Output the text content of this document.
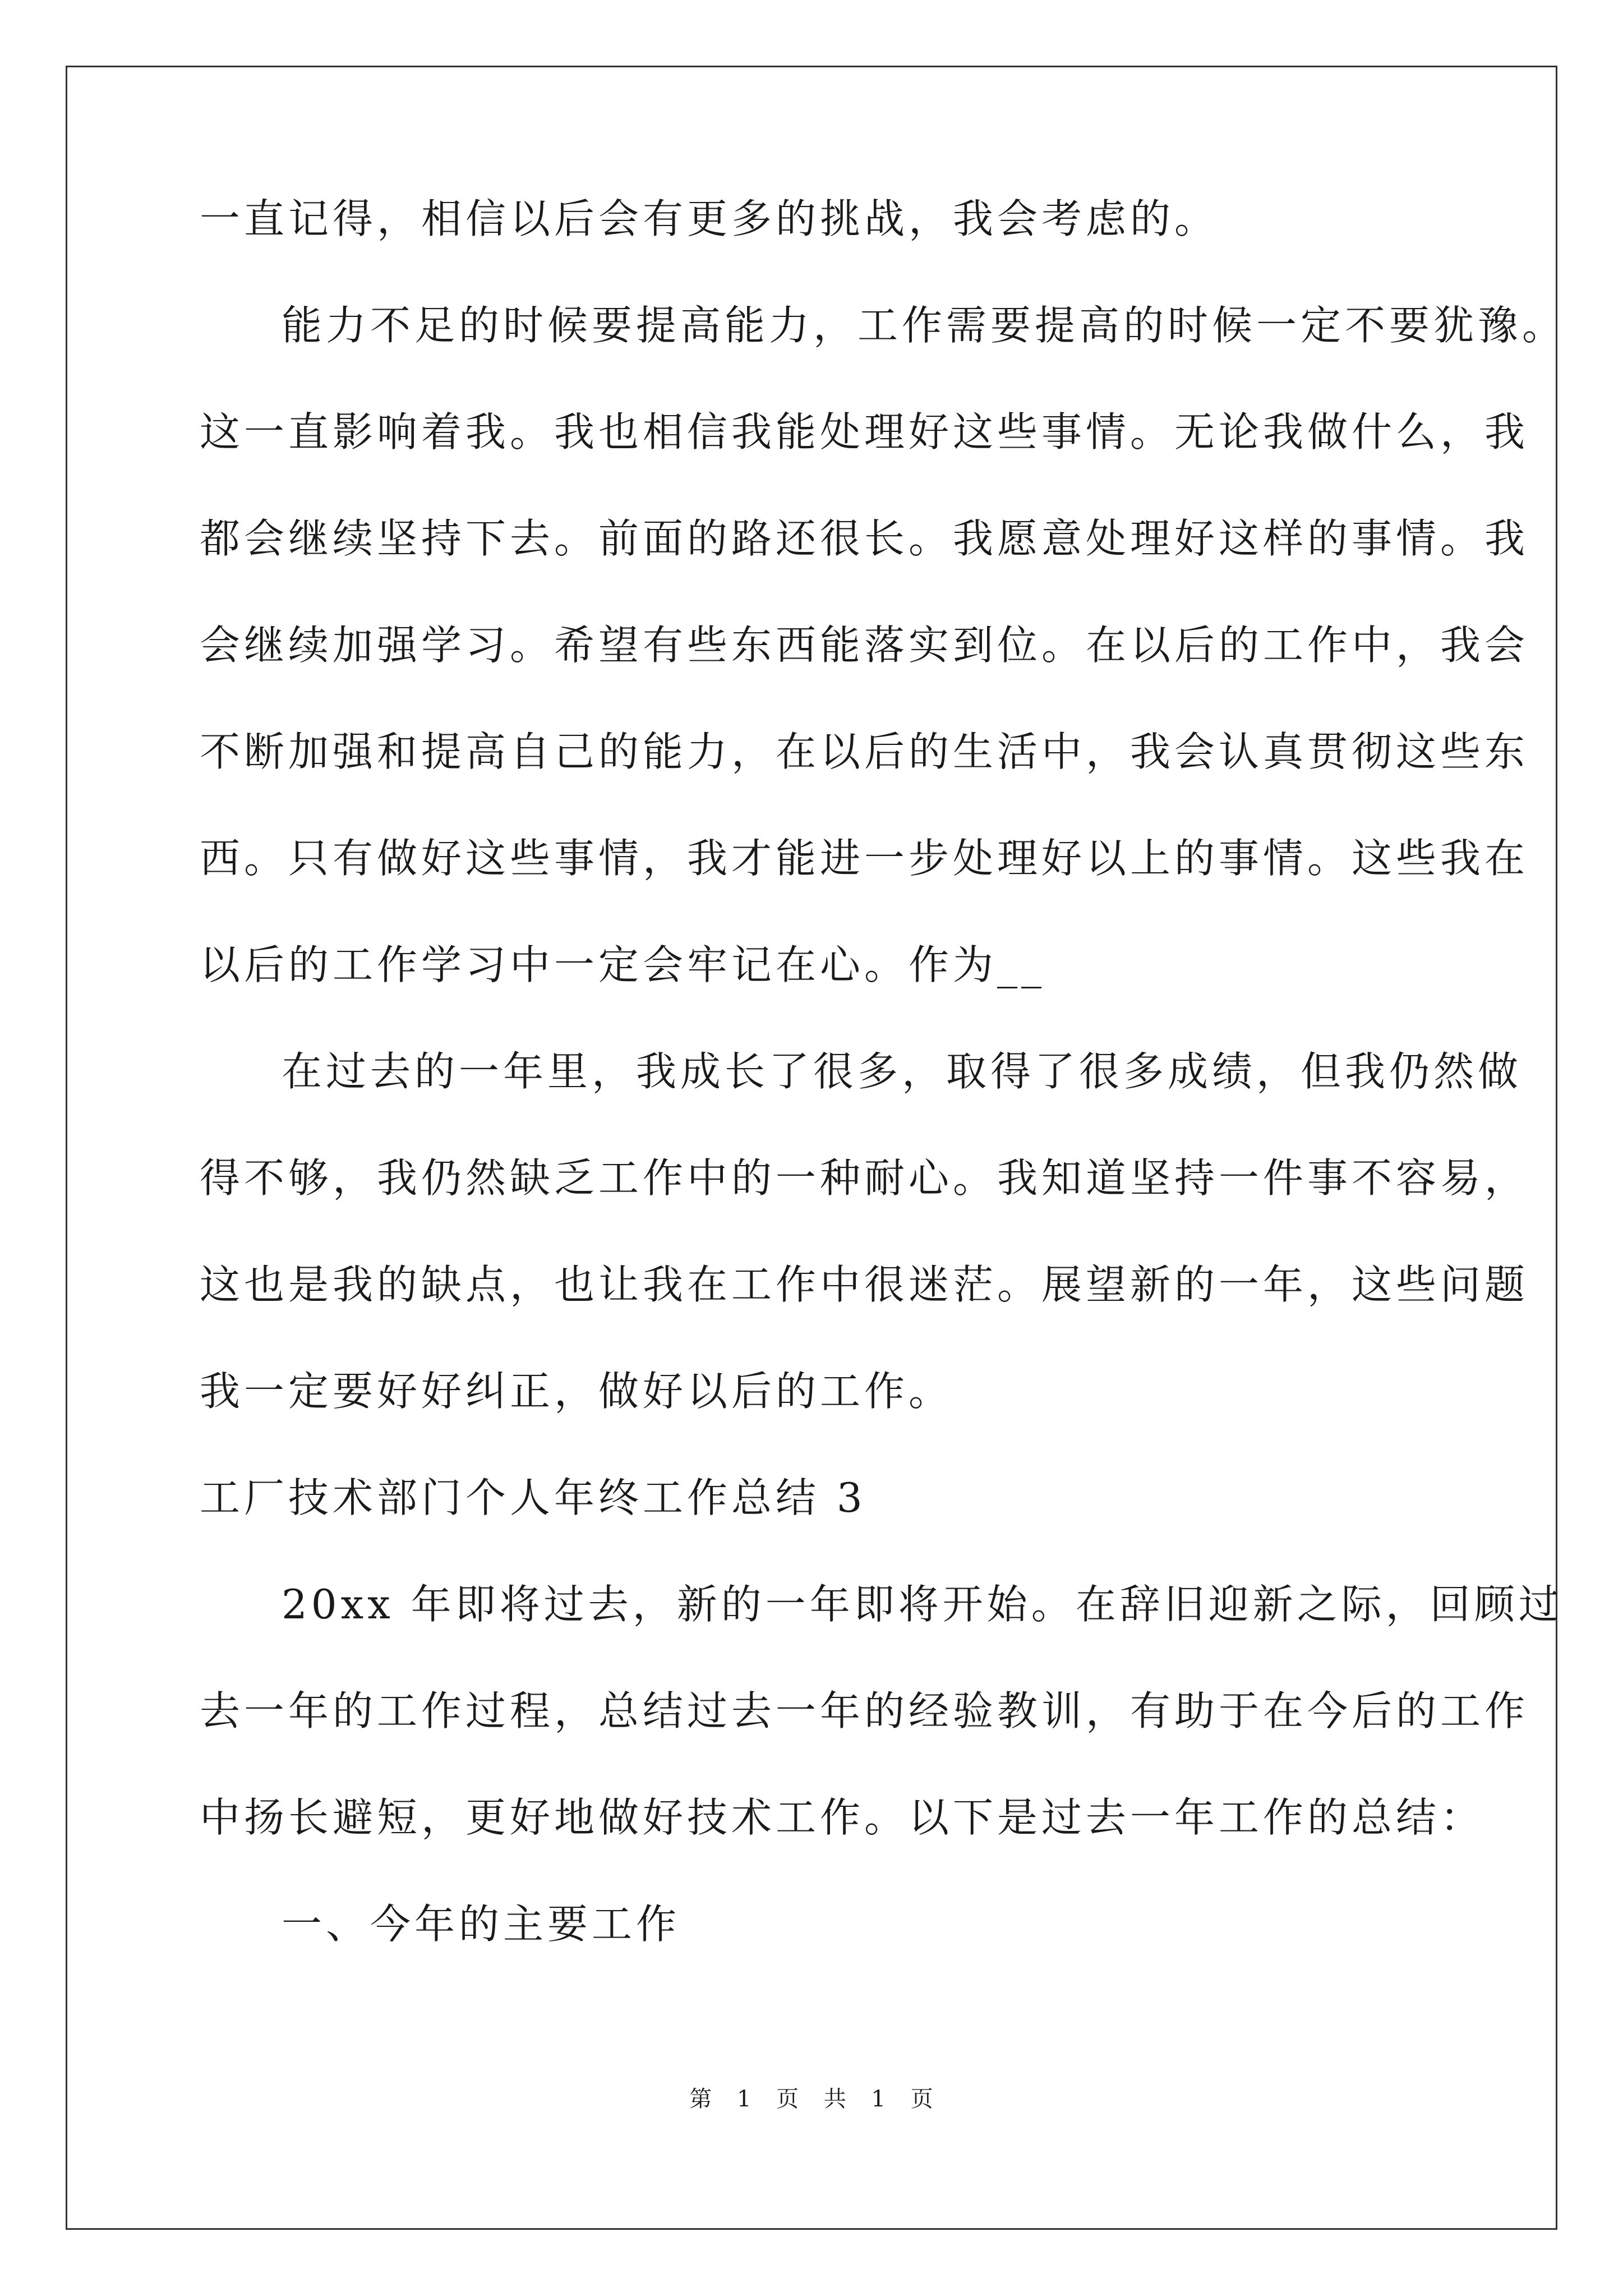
一直记得，相信以后会有更多的挑战，我会考虑的。
能力不足的时候要提高能力，工作需要提高的时候一定不要犹豫。
这一直影响着我。我也相信我能处理好这些事情。无论我做什么，我
都会继续坚持下去。前面的路还很长。我愿意处理好这样的事情。我
会继续加强学习。希望有些东西能落实到位。在以后的工作中，我会
不断加强和提高自己的能力，在以后的生活中，我会认真贯彻这些东
西。只有做好这些事情，我才能进一步处理好以上的事情。这些我在
以后的工作学习中一定会牢记在心。作为__
在过去的一年里，我成长了很多，取得了很多成绩，但我仍然做
得不够，我仍然缺乏工作中的一种耐心。我知道坚持一件事不容易，
这也是我的缺点，也让我在工作中很迷茫。展望新的一年，这些问题
我一定要好好纠正，做好以后的工作。
工厂技术部门个人年终工作总结 3
20xx 年即将过去，新的一年即将开始。在辞旧迎新之际，回顾过
去一年的工作过程，总结过去一年的经验教训，有助于在今后的工作
中扬长避短，更好地做好技术工作。以下是过去一年工作的总结：
一、今年的主要工作
第 1 页 共 1 页
